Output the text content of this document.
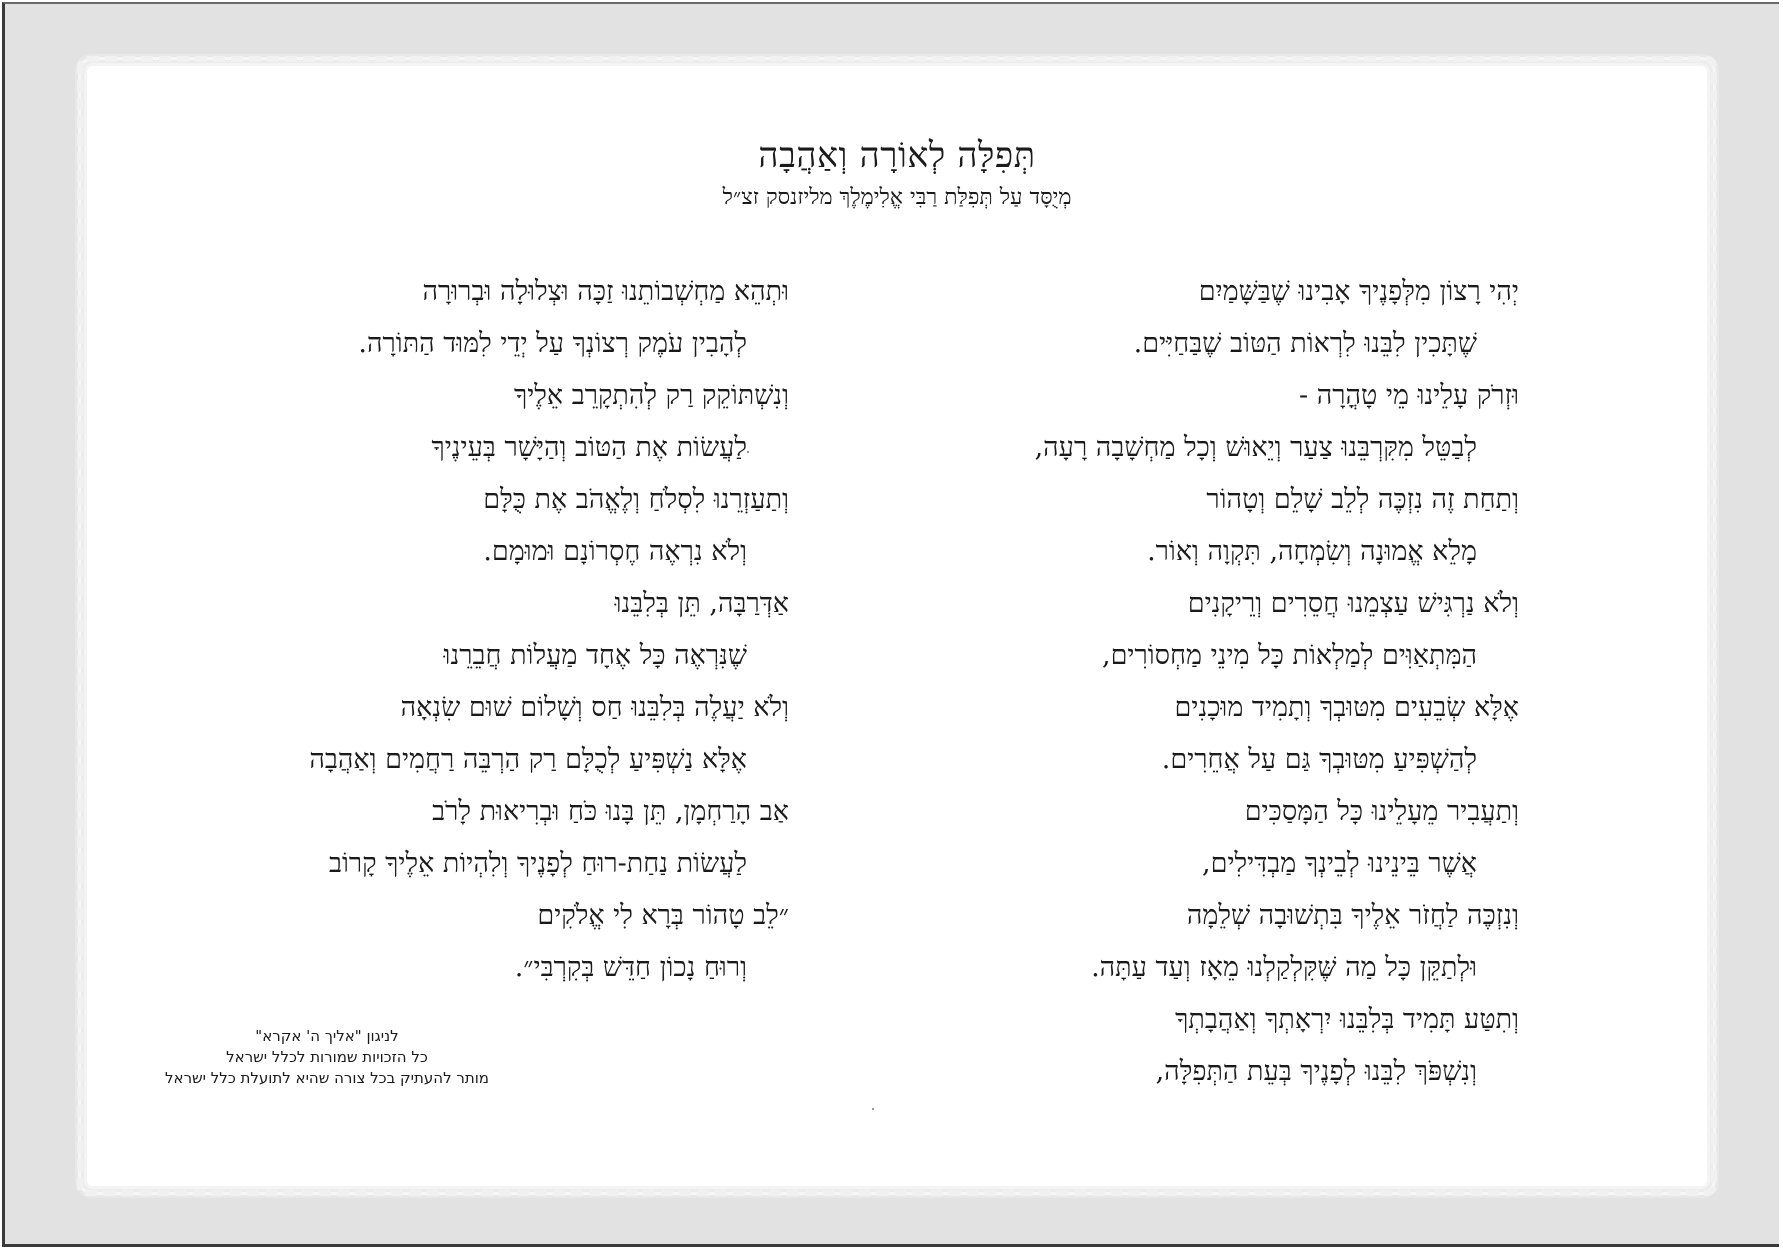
תְּפִלָּה לְאוֹרָה וְאַהֲבָה

מְיֻסָּד עַל תְּפִלַּת רַבִּי אֱלִימֶלֶךְ מליזנסק זצ״ל

יְהִי רָצוֹן מִלְּפָנֶיךָ אָבִינוּ שֶׁבַּשָּׁמַיִם
שֶׁתָּכִין לִבֵּנוּ לִרְאוֹת הַטּוֹב שֶׁבַּחַיִּים.
וּזְרֹק עָלֵינוּ מֵי טָהֳרָה -
לְבַטֵּל מִקִּרְבֵּנוּ צַעַר וְיֵאוּשׁ וְכָל מַחְשָׁבָה רָעָה,
וְתַחַת זֶה נִזְכֶּה לְלֵב שָׁלֵם וְטָהוֹר
מָלֵא אֱמוּנָה וְשִׂמְחָה, תִּקְוָה וְאוֹר.
וְלֹא נַרְגִּישׁ עַצְמֵנוּ חֲסֵרִים וְרֵיקָנִים
הַמִּתְאַוִּים לְמַלְאוֹת כָּל מִינֵי מַחְסוֹרִים,
אֶלָּא שְׂבֵעִים מִטּוּבְךָ וְתָמִיד מוּכָנִים
לְהַשְׁפִּיעַ מִטּוּבְךָ גַּם עַל אֲחֵרִים.
וְתַעֲבִיר מֵעָלֵינוּ כָּל הַמָּסַכִּים
אֲשֶׁר בֵּינֵינוּ לְבֵינְךָ מַבְדִּילִים,
וְנִזְכֶּה לַחֲזֹר אֵלֶיךָ בִּתְשׁוּבָה שְׁלֵמָה
וּלְתַקֵּן כָּל מַה שֶּׁקִּלְקַלְנוּ מֵאָז וְעַד עַתָּה.
וְתִטַּע תָּמִיד בְּלִבֵּנוּ יִרְאָתְךָ וְאַהֲבָתְךָ
וְנִשְׁפֹּךְ לִבֵּנוּ לְפָנֶיךָ בְּעֵת הַתְּפִלָּה,
וּתְהֵא מַחְשְׁבוֹתֵנוּ זַכָּה וּצְלוּלָה וּבְרוּרָה
לְהָבִין עֹמֶק רְצוֹנְךָ עַל יְדֵי לִמּוּד הַתּוֹרָה.
וְנִשְׁתּוֹקֵק רַק לְהִתְקָרֵב אֵלֶיךָ
לַעֲשׂוֹת אֶת הַטּוֹב וְהַיָּשָׁר בְּעֵינֶיךָ
וְתַעַזְרֵנוּ לִסְלֹחַ וְלֶאֱהֹב אֶת כֻּלָּם
וְלֹא נִרְאֶה חֶסְרוֹנָם וּמוּמָם.
אַדְּרַבָּה, תֵּן בְּלִבֵּנוּ
שֶׁנִּרְאֶה כָּל אֶחָד מַעֲלוֹת חֲבֵרֵנוּ
וְלֹא יַעֲלֶה בְּלִבֵּנוּ חַס וְשָׁלוֹם שׁוּם שִׂנְאָה
אֶלָּא נַשְׁפִּיעַ לְכֻלָּם רַק הַרְבֵּה רַחֲמִים וְאַהֲבָה
אַב הָרַחְמָן, תֵּן בָּנוּ כֹּחַ וּבְרִיאוּת לָרֹב
לַעֲשׂוֹת נַחַת-רוּחַ לְפָנֶיךָ וְלִהְיוֹת אֵלֶיךָ קָרוֹב
״לֵב טָהוֹר בְּרָא לִי אֱלֹקִים
וְרוּחַ נָכוֹן חַדֵּשׁ בְּקִרְבִּי״.
לניגון "אליך ה' אקרא"
כל הזכויות שמורות לכלל ישראל
מותר להעתיק בכל צורה שהיא לתועלת כלל ישראל
